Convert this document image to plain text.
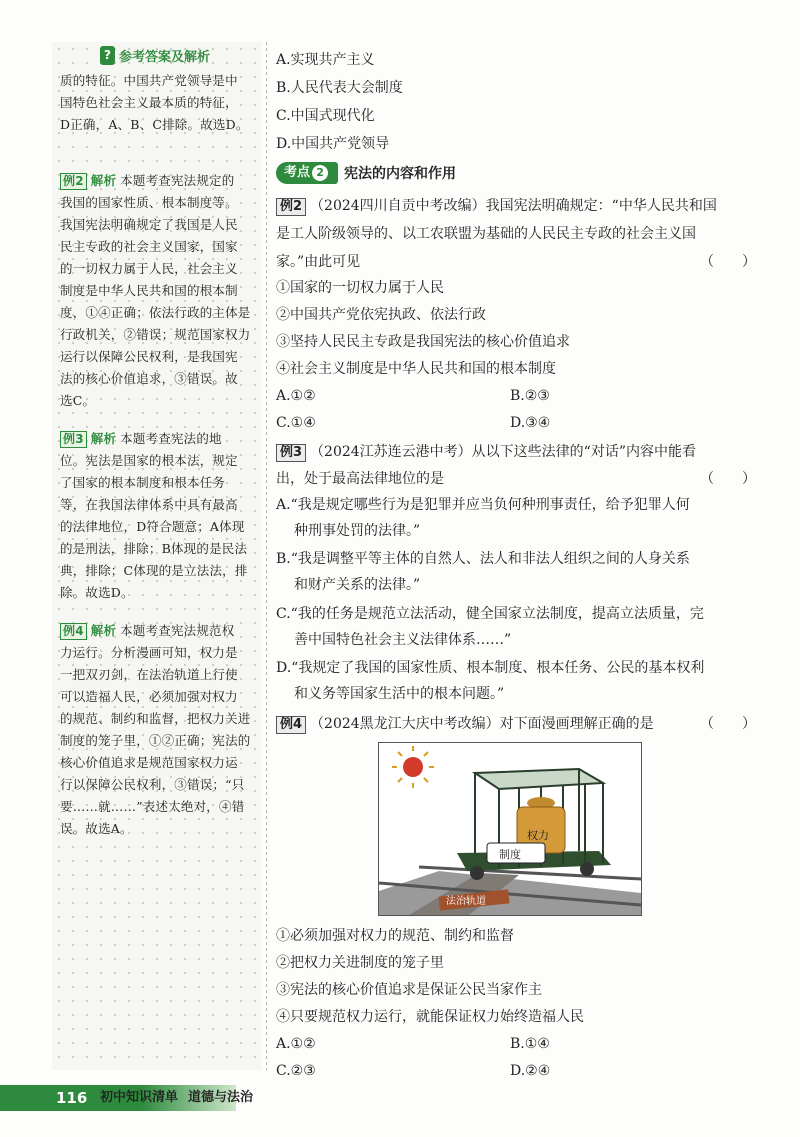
? 参考答案及解析

质的特征。中国共产党领导是中

国特色社会主义最本质的特征，

D正确，A、B、C排除。故选D。

例2 解析 本题考查宪法规定的

我国的国家性质、根本制度等。

我国宪法明确规定了我国是人民

民主专政的社会主义国家，国家

的一切权力属于人民，社会主义

制度是中华人民共和国的根本制

度，①④正确；依法行政的主体是

行政机关，②错误；规范国家权力

运行以保障公民权利，是我国宪

法的核心价值追求，③错误。故

选C。

例3 解析 本题考查宪法的地

位。宪法是国家的根本法，规定

了国家的根本制度和根本任务

等，在我国法律体系中具有最高

的法律地位，D符合题意；A体现

的是刑法，排除；B体现的是民法

典，排除；C体现的是立法法，排

除。故选D。

例4 解析 本题考查宪法规范权

力运行。分析漫画可知，权力是

一把双刃剑，在法治轨道上行使

可以造福人民，必须加强对权力

的规范、制约和监督，把权力关进

制度的笼子里，①②正确；宪法的

核心价值追求是规范国家权力运

行以保障公民权利，③错误；“只

要……就……”表述太绝对，④错

误。故选A。

A.实现共产主义
B.人民代表大会制度
C.中国式现代化
D.中国共产党领导
考点 2	宪法的内容和作用
例2 （2024四川自贡中考改编）我国宪法明确规定：“中华人民共和国
是工人阶级领导的、以工农联盟为基础的人民民主专政的社会主义国
家。”由此可见	（　　）
①国家的一切权力属于人民
②中国共产党依宪执政、依法行政
③坚持人民民主专政是我国宪法的核心价值追求
④社会主义制度是中华人民共和国的根本制度
A.①②	B.②③
C.①④	D.③④
例3 （2024江苏连云港中考）从以下这些法律的“对话”内容中能看
出，处于最高法律地位的是	（　　）
A.“我是规定哪些行为是犯罪并应当负何种刑事责任，给予犯罪人何
种刑事处罚的法律。”
B.“我是调整平等主体的自然人、法人和非法人组织之间的人身关系
和财产关系的法律。”
C.“我的任务是规范立法活动，健全国家立法制度，提高立法质量，完
善中国特色社会主义法律体系……”
D.“我规定了我国的国家性质、根本制度、根本任务、公民的基本权利
和义务等国家生活中的根本问题。”
例4 （2024黑龙江大庆中考改编）对下面漫画理解正确的是	（　　）
法治轨道
权力
制度
①必须加强对权力的规范、制约和监督
②把权力关进制度的笼子里
③宪法的核心价值追求是保证公民当家作主
④只要规范权力运行，就能保证权力始终造福人民
A.①②	B.①④
C.②③	D.②④
116 初中知识清单 道德与法治
